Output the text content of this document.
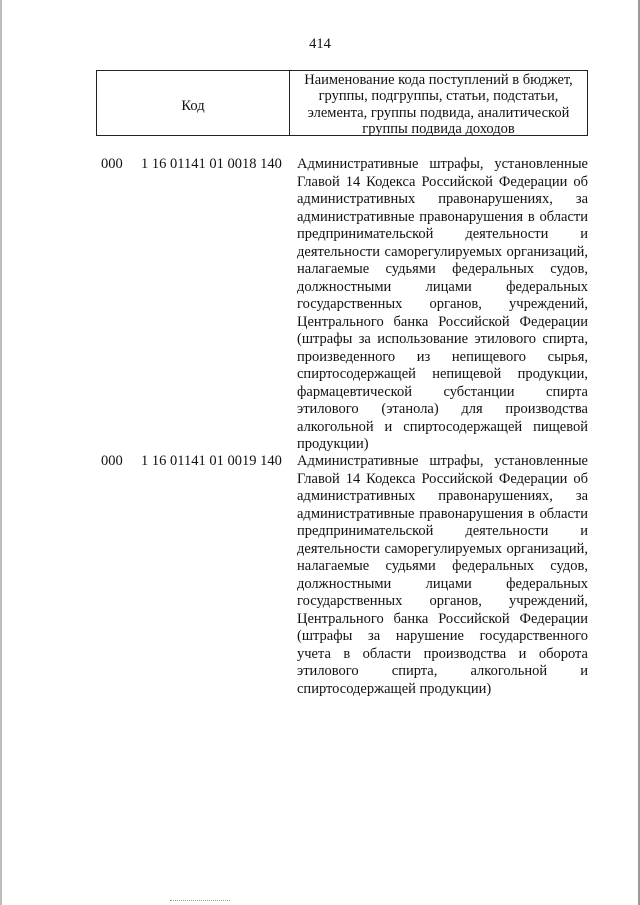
414
Код
Наименование кода поступлений в бюджет, группы, подгруппы, статьи, подстатьи, элемента, группы подвида, аналитической группы подвида доходов
000 1 16 01141 01 0018 140 Административные штрафы, установленные Главой 14 Кодекса Российской Федерации об административных правонарушениях, за административные правонарушения в области предпринимательской деятельности и деятельности саморегулируемых организаций, налагаемые судьями федеральных судов, должностными лицами федеральных государственных органов, учреждений, Центрального банка Российской Федерации (штрафы за использование этилового спирта, произведенного из непищевого сырья, спиртосодержащей непищевой продукции, фармацевтической субстанции спирта этилового (этанола) для производства алкогольной и спиртосодержащей пищевой продукции)
000 1 16 01141 01 0019 140 Административные штрафы, установленные Главой 14 Кодекса Российской Федерации об административных правонарушениях, за административные правонарушения в области предпринимательской деятельности и деятельности саморегулируемых организаций, налагаемые судьями федеральных судов, должностными лицами федеральных государственных органов, учреждений, Центрального банка Российской Федерации (штрафы за нарушение государственного учета в области производства и оборота этилового спирта, алкогольной и спиртосодержащей продукции)
